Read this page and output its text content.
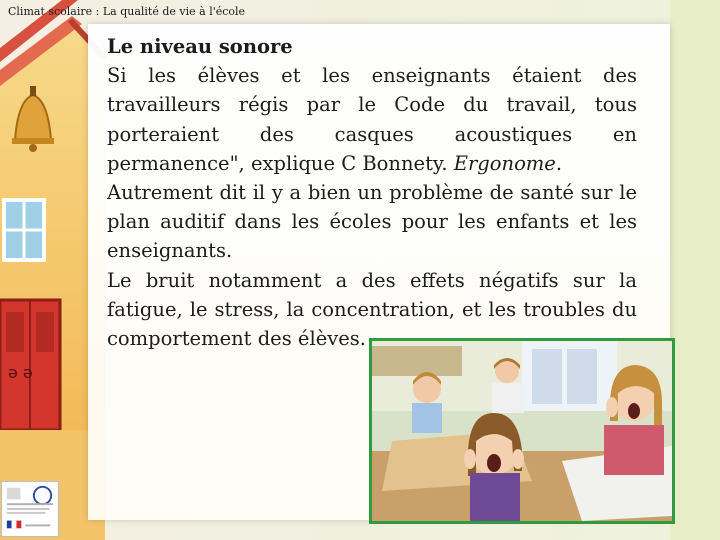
ə ə
Climat scolaire : La qualité de vie à l'école

Le niveau sonore

Si les élèves et les enseignants étaient des travailleurs régis par le Code du travail, tous porteraient des casques acoustiques en permanence", explique C Bonnety. Ergonome.

Autrement dit il y a bien un problème de santé sur le plan auditif dans les écoles pour les enfants et les enseignants.

Le bruit notamment a des effets négatifs sur la fatigue, le stress, la concentration, et les troubles du comportement des élèves.
